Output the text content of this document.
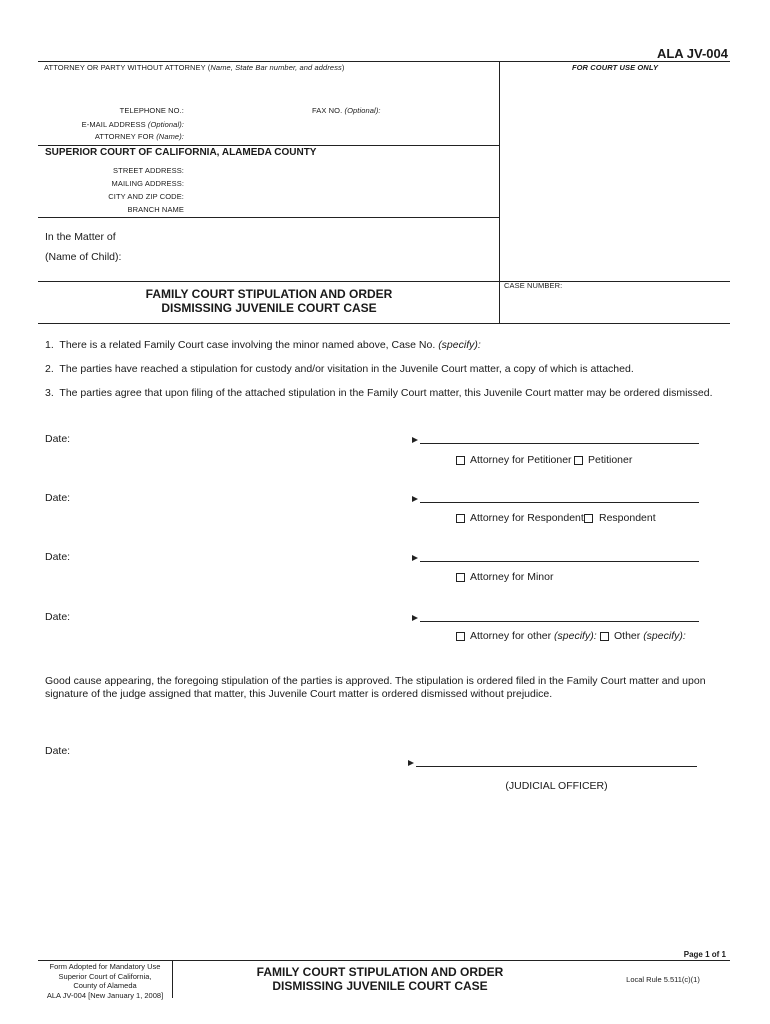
ALA JV-004
ATTORNEY OR PARTY WITHOUT ATTORNEY (Name, State Bar number, and address)	FOR COURT USE ONLY
TELEPHONE NO.:	FAX NO. (Optional):
E-MAIL ADDRESS (Optional):
ATTORNEY FOR (Name):
SUPERIOR COURT OF CALIFORNIA, ALAMEDA COUNTY
STREET ADDRESS:
MAILING ADDRESS:
CITY AND ZIP CODE:
BRANCH NAME
In the Matter of
(Name of Child):
CASE NUMBER:
FAMILY COURT STIPULATION AND ORDER
DISMISSING JUVENILE COURT CASE
1. There is a related Family Court case involving the minor named above, Case No. (specify):
2. The parties have reached a stipulation for custody and/or visitation in the Juvenile Court matter, a copy of which is attached.
3. The parties agree that upon filing of the attached stipulation in the Family Court matter, this Juvenile Court matter may be ordered dismissed.
Date:
Attorney for Petitioner Petitioner
Date:
Attorney for Respondent Respondent
Date:
Attorney for Minor
Date:
Attorney for other (specify): Other (specify):
Good cause appearing, the foregoing stipulation of the parties is approved. The stipulation is ordered filed in the Family Court matter and upon
signature of the judge assigned that matter, this Juvenile Court matter is ordered dismissed without prejudice.
Date:
(JUDICIAL OFFICER)
Page 1 of 1
Form Adopted for Mandatory Use
Superior Court of California,
County of Alameda
ALA JV-004 [New January 1, 2008]
FAMILY COURT STIPULATION AND ORDER
DISMISSING JUVENILE COURT CASE	Local Rule 5.511(c)(1)
